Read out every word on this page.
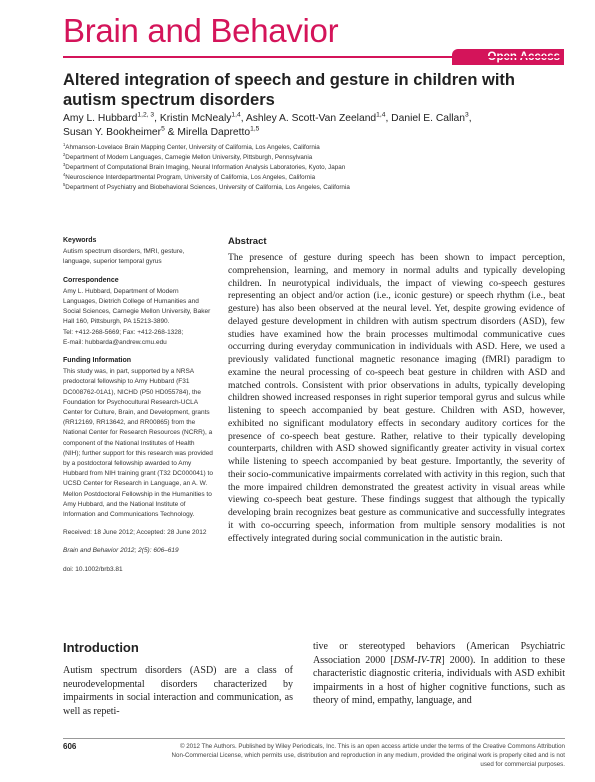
Brain and Behavior
Altered integration of speech and gesture in children with autism spectrum disorders
Amy L. Hubbard$^{1,2, 3}$, Kristin McNealy$^{1,4}$, Ashley A. Scott-Van Zeeland$^{1,4}$, Daniel E. Callan$^3$,
Susan Y. Bookheimer$^5$ & Mirella Dapretto$^{1,5}$
$^1$Ahmanson-Lovelace Brain Mapping Center, University of California, Los Angeles, California
$^2$Department of Modern Languages, Carnegie Mellon University, Pittsburgh, Pennsylvania
$^3$Department of Computational Brain Imaging, Neural Information Analysis Laboratories, Kyoto, Japan
$^4$Neuroscience Interdepartmental Program, University of California, Los Angeles, California
$^5$Department of Psychiatry and Biobehavioral Sciences, University of California, Los Angeles, California
Keywords
Autism spectrum disorders, fMRI, gesture, language, superior temporal gyrus
Correspondence
Amy L. Hubbard, Department of Modern Languages, Dietrich College of Humanities and Social Sciences, Carnegie Mellon University, Baker Hall 160, Pittsburgh, PA 15213-3890.
Tel: +412-268-5669; Fax: +412-268-1328;
E-mail: hubbarda@andrew.cmu.edu
Funding Information
This study was, in part, supported by a NRSA predoctoral fellowship to Amy Hubbard (F31 DC008762-01A1), NICHD (P50 HD055784), the Foundation for Psychocultural Research-UCLA Center for Culture, Brain, and Development, grants (RR12169, RR13642, and RR00865) from the National Center for Research Resources (NCRR), a component of the National Institutes of Health (NIH); further support for this research was provided by a postdoctoral fellowship awarded to Amy Hubbard from NIH training grant (T32 DC000041) to UCSD Center for Research in Language, an A. W. Mellon Postdoctoral Fellowship in the Humanities to Amy Hubbard, and the National Institute of Information and Communications Technology.
Received: 18 June 2012; Accepted: 28 June 2012
Brain and Behavior 2012; 2(5): 606–619
doi: 10.1002/brb3.81
Abstract
The presence of gesture during speech has been shown to impact perception, comprehension, learning, and memory in normal adults and typically developing children. In neurotypical individuals, the impact of viewing co-speech gestures representing an object and/or action (i.e., iconic gesture) or speech rhythm (i.e., beat gesture) has also been observed at the neural level. Yet, despite growing evidence of delayed gesture development in children with autism spectrum disorders (ASD), few studies have examined how the brain processes multimodal communicative cues occurring during everyday communication in individuals with ASD. Here, we used a previously validated functional magnetic resonance imaging (fMRI) paradigm to examine the neural processing of co-speech beat gesture in children with ASD and matched controls. Consistent with prior observations in adults, typically developing children showed increased responses in right superior temporal gyrus and sulcus while listening to speech accompanied by beat gesture. Children with ASD, however, exhibited no significant modulatory effects in secondary auditory cortices for the presence of co-speech beat gesture. Rather, relative to their typically developing counterparts, children with ASD showed significantly greater activity in visual cortex while listening to speech accompanied by beat gesture. Importantly, the severity of their socio-communicative impairments correlated with activity in this region, such that the more impaired children demonstrated the greatest activity in visual areas while viewing co-speech beat gesture. These findings suggest that although the typically developing brain recognizes beat gesture as communicative and successfully integrates it with co-occurring speech, information from multiple sensory modalities is not effectively integrated during social communication in the autistic brain.
Introduction
Autism spectrum disorders (ASD) are a class of neurodevelopmental disorders characterized by impairments in social interaction and communication, as well as repeti-
tive or stereotyped behaviors (American Psychiatric Association 2000 [DSM-IV-TR] 2000). In addition to these characteristic diagnostic criteria, individuals with ASD exhibit impairments in a host of higher cognitive functions, such as theory of mind, empathy, language, and
606	© 2012 The Authors. Published by Wiley Periodicals, Inc. This is an open access article under the terms of the Creative Commons Attribution Non-Commercial License, which permits use, distribution and reproduction in any medium, provided the original work is properly cited and is not used for commercial purposes.
